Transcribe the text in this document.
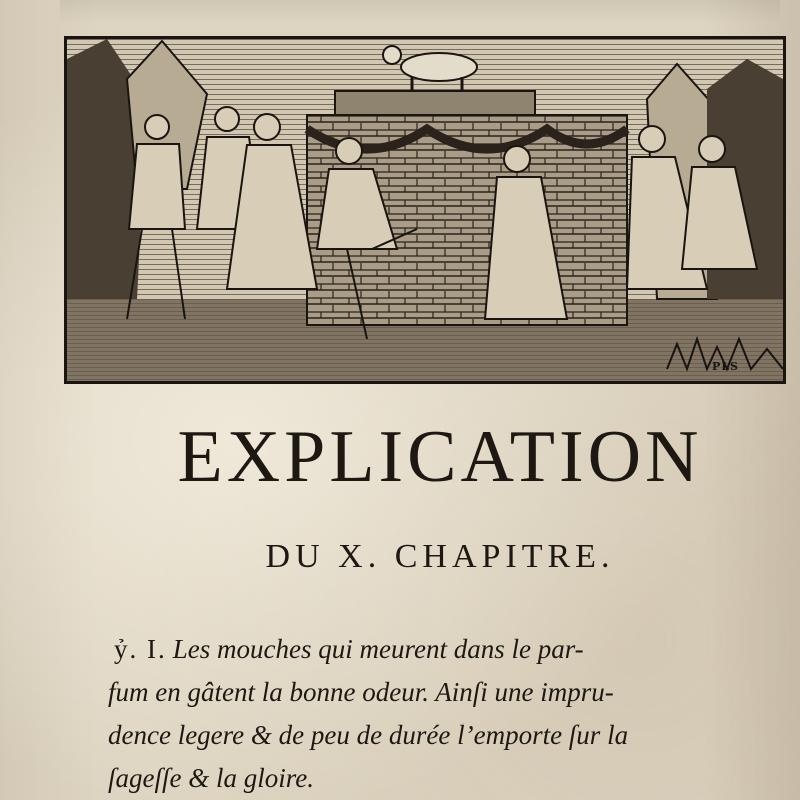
PLS
EXPLICATION
DU X. CHAPITRE.
ỷ. I. Les mouches qui meurent dans le par-
fum en gâtent la bonne odeur. Ainſi une impru-
dence legere & de peu de durée l’emporte ſur la
ſageſſe & la gloire.
